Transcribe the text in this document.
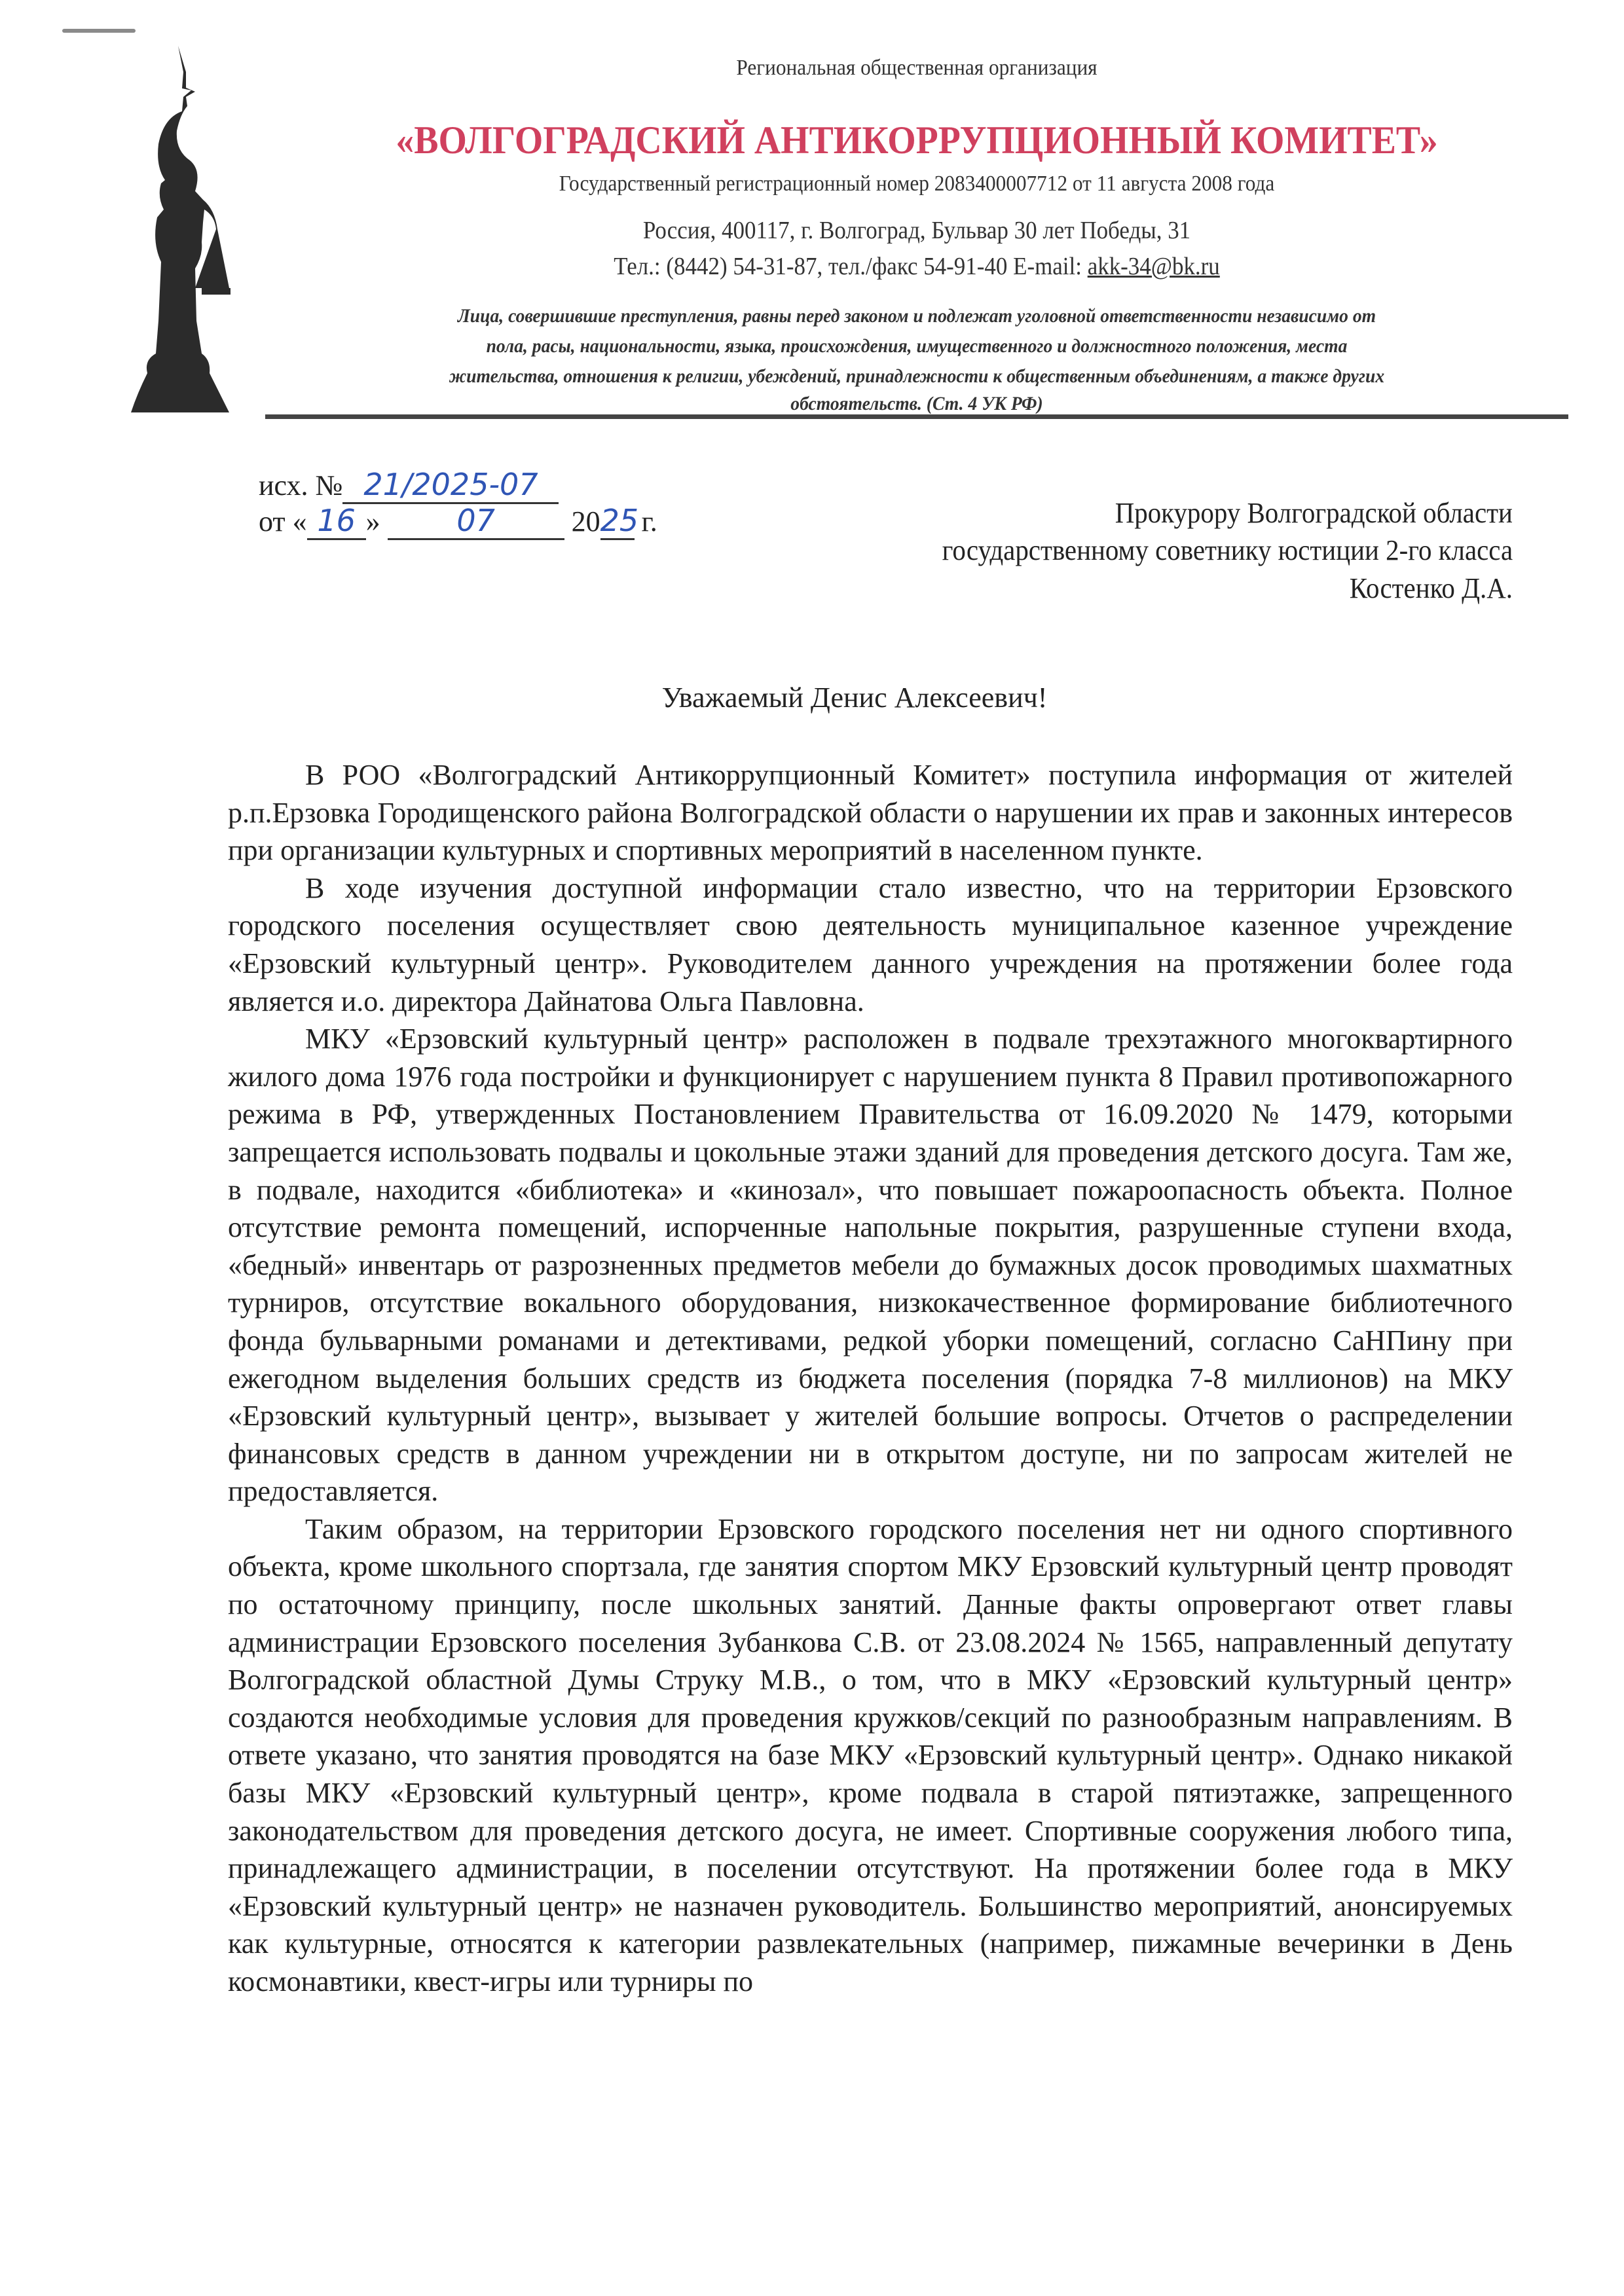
Региональная общественная организация
«ВОЛГОГРАДСКИЙ АНТИКОРРУПЦИОННЫЙ КОМИТЕТ»
Государственный регистрационный номер 2083400007712 от 11 августа 2008 года
Россия, 400117, г. Волгоград, Бульвар 30 лет Победы, 31
Тел.: (8442) 54-31-87, тел./факс 54-91-40 E-mail: akk-34@bk.ru
Лица, совершившие преступления, равны перед законом и подлежат уголовной ответственности независимо от
пола, расы, национальности, языка, происхождения, имущественного и должностного положения, места
жительства, отношения к религии, убеждений, принадлежности к общественным объединениям, а также других
обстоятельств. (Ст. 4 УК РФ)
исх. № 21/2025-07
от « 16 »	07	2025 г.	Прокурору Волгоградской области
государственному советнику юстиции 2-го класса
Костенко Д.А.
Уважаемый Денис Алексеевич!

В РОО «Волгоградский Антикоррупционный Комитет» поступила информация от жителей р.п.Ерзовка Городищенского района Волгоградской области о нарушении их прав и законных интересов при организации культурных и спортивных мероприятий в населенном пункте.

В ходе изучения доступной информации стало известно, что на территории Ерзовского городского поселения осуществляет свою деятельность муниципальное казенное учреждение «Ерзовский культурный центр». Руководителем данного учреждения на протяжении более года является и.о. директора Дайнатова Ольга Павловна.

МКУ «Ерзовский культурный центр» расположен в подвале трехэтажного многоквартирного жилого дома 1976 года постройки и функционирует с нарушением пункта 8 Правил противопожарного режима в РФ, утвержденных Постановлением Правительства от 16.09.2020 № 1479, которыми запрещается использовать подвалы и цокольные этажи зданий для проведения детского досуга. Там же, в подвале, находится «библиотека» и «кинозал», что повышает пожароопасность объекта. Полное отсутствие ремонта помещений, испорченные напольные покрытия, разрушенные ступени входа, «бедный» инвентарь от разрозненных предметов мебели до бумажных досок проводимых шахматных турниров, отсутствие вокального оборудования, низкокачественное формирование библиотечного фонда бульварными романами и детективами, редкой уборки помещений, согласно СаНПину при ежегодном выделения больших средств из бюджета поселения (порядка 7-8 миллионов) на МКУ «Ерзовский культурный центр», вызывает у жителей большие вопросы. Отчетов о распределении финансовых средств в данном учреждении ни в открытом доступе, ни по запросам жителей не предоставляется.

Таким образом, на территории Ерзовского городского поселения нет ни одного спортивного объекта, кроме школьного спортзала, где занятия спортом МКУ Ерзовский культурный центр проводят по остаточному принципу, после школьных занятий. Данные факты опровергают ответ главы администрации Ерзовского поселения Зубанкова С.В. от 23.08.2024 № 1565, направленный депутату Волгоградской областной Думы Струку М.В., о том, что в МКУ «Ерзовский культурный центр» создаются необходимые условия для проведения кружков/секций по разнообразным направлениям. В ответе указано, что занятия проводятся на базе МКУ «Ерзовский культурный центр». Однако никакой базы МКУ «Ерзовский культурный центр», кроме подвала в старой пятиэтажке, запрещенного законодательством для проведения детского досуга, не имеет. Спортивные сооружения любого типа, принадлежащего администрации, в поселении отсутствуют. На протяжении более года в МКУ «Ерзовский культурный центр» не назначен руководитель. Большинство мероприятий, анонсируемых как культурные, относятся к категории развлекательных (например, пижамные вечеринки в День космонавтики, квест-игры или турниры по
